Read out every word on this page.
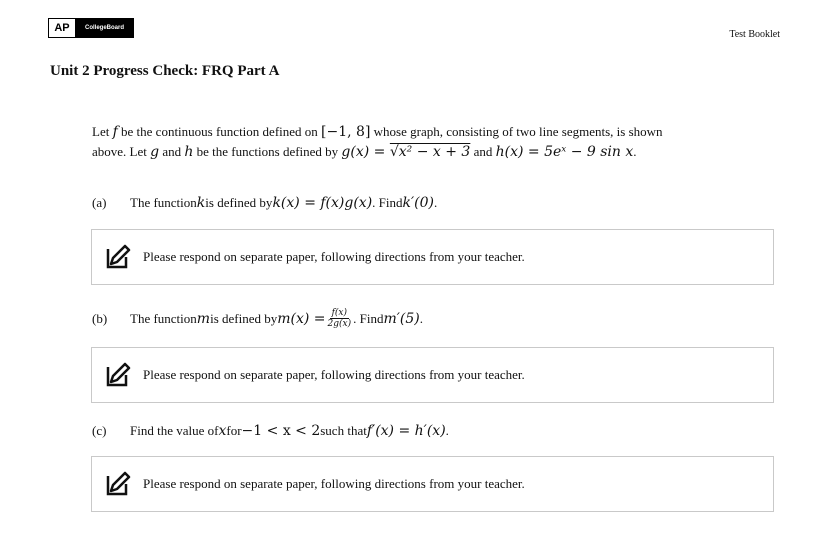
AP	CollegeBoard
Test Booklet
Unit 2 Progress Check: FRQ Part A
Let f be the continuous function defined on [−1, 8] whose graph, consisting of two line segments, is shown
above. Let g and h be the functions defined by g(x) = √x² − x + 3 and h(x) = 5eˣ − 9 sin x.
(a)	The function k is defined by k(x) = f(x)g(x) . Find k′(0) .
Please respond on separate paper, following directions from your teacher.
(b)	The function m is defined by $m(x) = \frac{f(x)}{2g(x)}$ . Find m′(5) .
Please respond on separate paper, following directions from your teacher.
(c)	Find the value of x for −1 < x < 2 such that f′(x) = h′(x) .
Please respond on separate paper, following directions from your teacher.
